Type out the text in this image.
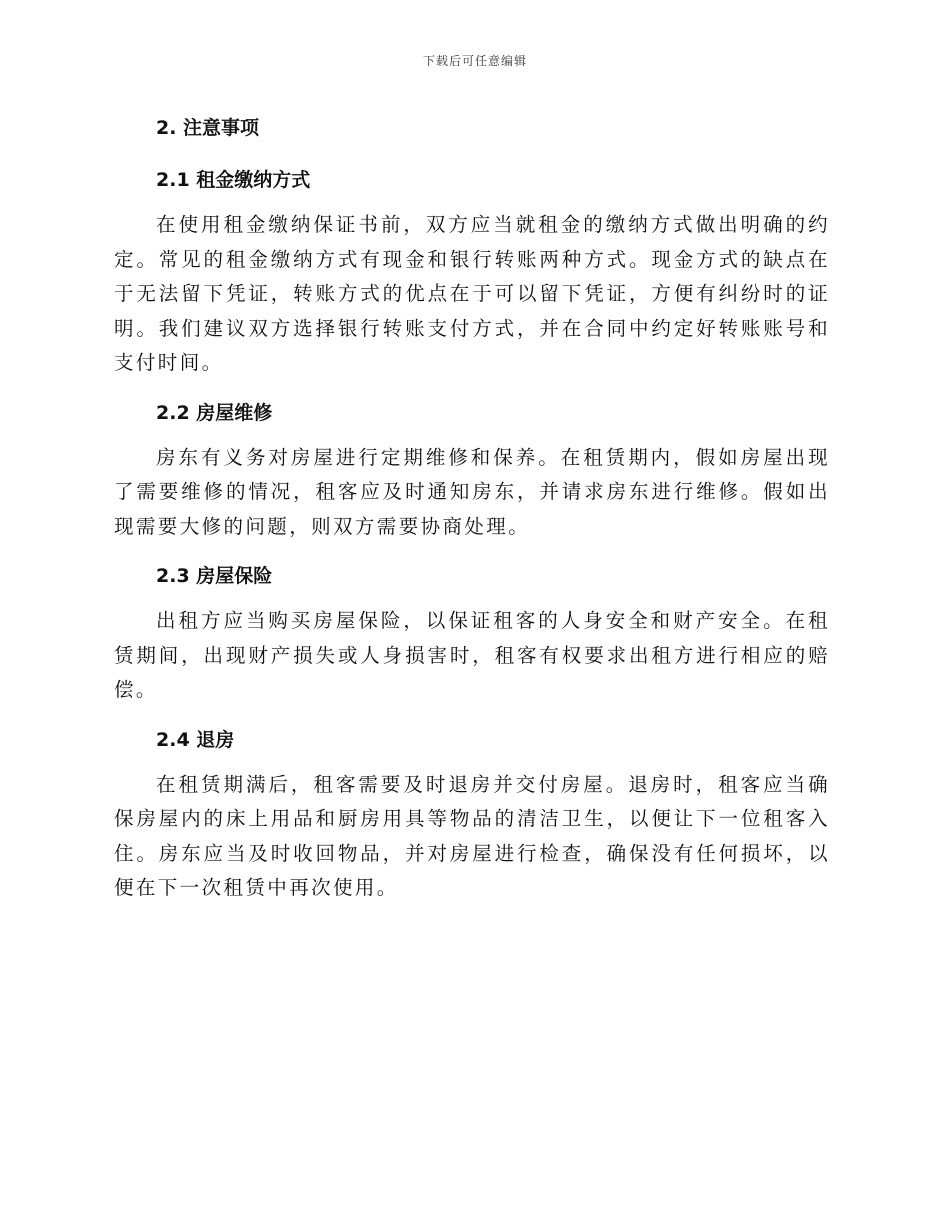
下载后可任意编辑
2. 注意事项
2.1 租金缴纳方式

在使用租金缴纳保证书前，双方应当就租金的缴纳方式做出明确的约定。常见的租金缴纳方式有现金和银行转账两种方式。现金方式的缺点在于无法留下凭证，转账方式的优点在于可以留下凭证，方便有纠纷时的证明。我们建议双方选择银行转账支付方式，并在合同中约定好转账账号和支付时间。

2.2 房屋维修

房东有义务对房屋进行定期维修和保养。在租赁期内，假如房屋出现了需要维修的情况，租客应及时通知房东，并请求房东进行维修。假如出现需要大修的问题，则双方需要协商处理。

2.3 房屋保险

出租方应当购买房屋保险，以保证租客的人身安全和财产安全。在租赁期间，出现财产损失或人身损害时，租客有权要求出租方进行相应的赔偿。

2.4 退房

在租赁期满后，租客需要及时退房并交付房屋。退房时，租客应当确保房屋内的床上用品和厨房用具等物品的清洁卫生，以便让下一位租客入住。房东应当及时收回物品，并对房屋进行检查，确保没有任何损坏，以便在下一次租赁中再次使用。
